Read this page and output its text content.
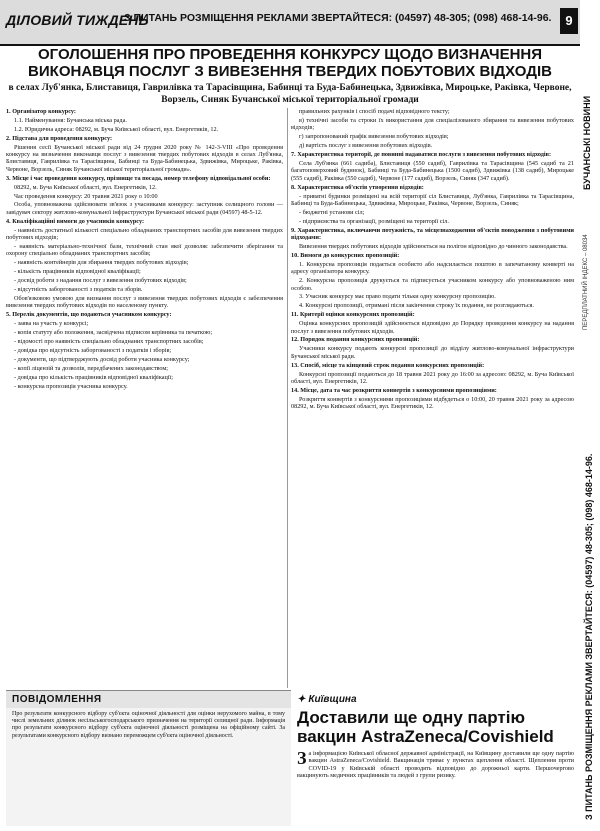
ДІЛОВИЙ ТИЖДЕНЬ
З ПИТАНЬ РОЗМІЩЕННЯ РЕКЛАМИ ЗВЕРТАЙТЕСЯ: (04597) 48-305; (098) 468-14-96.	9
БУЧАНСЬКІ НОВИНИ
ПЕРЕДПЛАТНИЙ ІНДЕКС – 08034
З ПИТАНЬ РОЗМІЩЕННЯ РЕКЛАМИ ЗВЕРТАЙТЕСЯ: (04597) 48-305; (098) 468-14-96.
ОГОЛОШЕННЯ ПРО ПРОВЕДЕННЯ КОНКУРСУ ЩОДО ВИЗНАЧЕННЯ ВИКОНАВЦЯ ПОСЛУГ З ВИВЕЗЕННЯ ТВЕРДИХ ПОБУТОВИХ ВІДХОДІВ
в селах Луб'янка, Блиставиця, Гаврилівка та Тарасівщина, Бабинці та Буда-Бабинецька, Здвижівка, Мироцьке, Раківка, Червоне, Ворзель, Синяк Бучанської міської територіальної громади

1. Організатор конкурсу:

1.1. Найменування: Бучанська міська рада.

1.2. Юридична адреса: 08292, м. Буча Київської області, вул. Енергетиків, 12.

2. Підстава для проведення конкурсу:

Рішення сесії Бучанської міської ради від 24 грудня 2020 року № 142-3-VIII «Про проведення конкурсу на визначення виконавця послуг з вивезення твердих побутових відходів в селах Луб'янка, Блиставиця, Гаврилівка та Тарасівщина, Бабинці та Буда-Бабинецька, Здвижівка, Мироцьке, Раківка, Червоне, Ворзель, Синяк Бучанської міської територіальної громади».

3. Місце і час проведення конкурсу, прізвище та посада, номер телефону відповідальної особи:

08292, м. Буча Київської області, вул. Енергетиків, 12.

Час проведення конкурсу: 20 травня 2021 року о 10:00

Особа, уповноважена здійснювати зв'язок з учасниками конкурсу: заступник селищного голови — завідувач сектору житлово-комунальної інфраструктури Бучанської міської ради (04597) 48-5-12.

4. Кваліфікаційні вимоги до учасників конкурсу:

- наявність достатньої кількості спеціально обладнаних транспортних засобів для вивезення твердих побутових відходів;

- наявність матеріально-технічної бази, технічний стан якої дозволяє забезпечити зберігання та охорону спеціально обладнаних транспортних засобів;

- наявність контейнерів для збирання твердих побутових відходів;

- кількість працівників відповідної кваліфікації;

- досвід роботи з надання послуг з вивезення побутових відходів;

- відсутність заборгованості з податків та зборів.

Обов'язковою умовою для визнання послуг з вивезення твердих побутових відходів є забезпечення вивезення твердих побутових відходів по населеному пункту.

5. Перелік документів, що подаються учасником конкурсу:

- заява на участь у конкурсі;

- копія статуту або положення, засвідчена підписом керівника та печаткою;

- відомості про наявність спеціально обладнаних транспортних засобів;

- довідка про відсутність заборгованості з податків і зборів;

- документи, що підтверджують досвід роботи учасника конкурсу;

- копії ліцензій та дозволів, передбачених законодавством;

- довідка про кількість працівників відповідної кваліфікації;

- конкурсна пропозиція учасника конкурсу.

правильних рахунків і спосіб подачі відповідного тексту;

в) технічні засоби та строки їх використання для спеціалізованого збирання та вивезення побутових відходів;

г) запропонований графік вивезення побутових відходів;

д) вартість послуг з вивезення побутових відходів.

7. Характеристика території, де повинні надаватися послуги з вивезення побутових відходів:

Села Луб'янка (661 садиба), Блиставиця (550 садиб), Гаврилівка та Тарасівщина (545 садиб та 21 багатоповерховий будинок), Бабинці та Буда-Бабинецька (1500 садиб), Здвижівка (138 садиб), Мироцьке (555 садиб), Раківка (550 садиб), Червоне (177 садиб), Ворзель, Синяк (347 садиб).

8. Характеристика об'єктів утворення відходів:

- приватні будинки розміщені на всій території сіл Блиставиця, Луб'янка, Гаврилівка та Тарасівщина, Бабинці та Буда-Бабинецька, Здвижівка, Мироцьке, Раківка, Червоне, Ворзель, Синяк;

- бюджетні установи сіл;

- підприємства та організації, розміщені на території сіл.

9. Характеристика, включаючи потужність, та місцезнаходження об'єктів поводження з побутовими відходами:

Вивезення твердих побутових відходів здійснюється на полігон відповідно до чинного законодавства.

10. Вимоги до конкурсних пропозицій:

1. Конкурсна пропозиція подається особисто або надсилається поштою в запечатаному конверті на адресу організатора конкурсу.

2. Конкурсна пропозиція друкується та підписується учасником конкурсу або уповноваженою ним особою.

3. Учасник конкурсу має право подати тільки одну конкурсну пропозицію.

4. Конкурсні пропозиції, отримані після закінчення строку їх подання, не розглядаються.

11. Критерії оцінки конкурсних пропозицій:

Оцінка конкурсних пропозицій здійснюється відповідно до Порядку проведення конкурсу на надання послуг з вивезення побутових відходів.

12. Порядок подання конкурсних пропозицій:

Учасники конкурсу подають конкурсні пропозиції до відділу житлово-комунальної інфраструктури Бучанської міської ради.

13. Спосіб, місце та кінцевий строк подання конкурсних пропозицій:

Конкурсні пропозиції подаються до 18 травня 2021 року до 16:00 за адресою: 08292, м. Буча Київської області, вул. Енергетиків, 12.

14. Місце, дата та час розкриття конвертів з конкурсними пропозиціями:

Розкриття конвертів з конкурсними пропозиціями відбудеться о 10:00, 20 травня 2021 року за адресою 08292, м. Буча Київської області, вул. Енергетиків, 12.

ПОВІДОМЛЕННЯ
Про результати конкурсного відбору суб'єкта оціночної діяльності для оцінки нерухомого майна, в тому числі земельних ділянок несільськогосподарського призначення на території селищної ради. Інформація про результати конкурсного відбору суб'єкта оціночної діяльності розміщена на офіційному сайті. За результатами конкурсного відбору визнано переможцем суб'єкта оціночної діяльності.
✦ Київщина
Доставили ще одну партію вакцин AstraZeneca/Covishield
За інформацією Київської обласної державної адміністрації, на Київщину доставили ще одну партію вакцин AstraZeneca/Covishield. Вакцинація триває у пунктах щеплення області. Щеплення проти COVID-19 у Київській області проводять відповідно до дорожньої карти. Першочергово вакцинують медичних працівників та людей з групи ризику.
